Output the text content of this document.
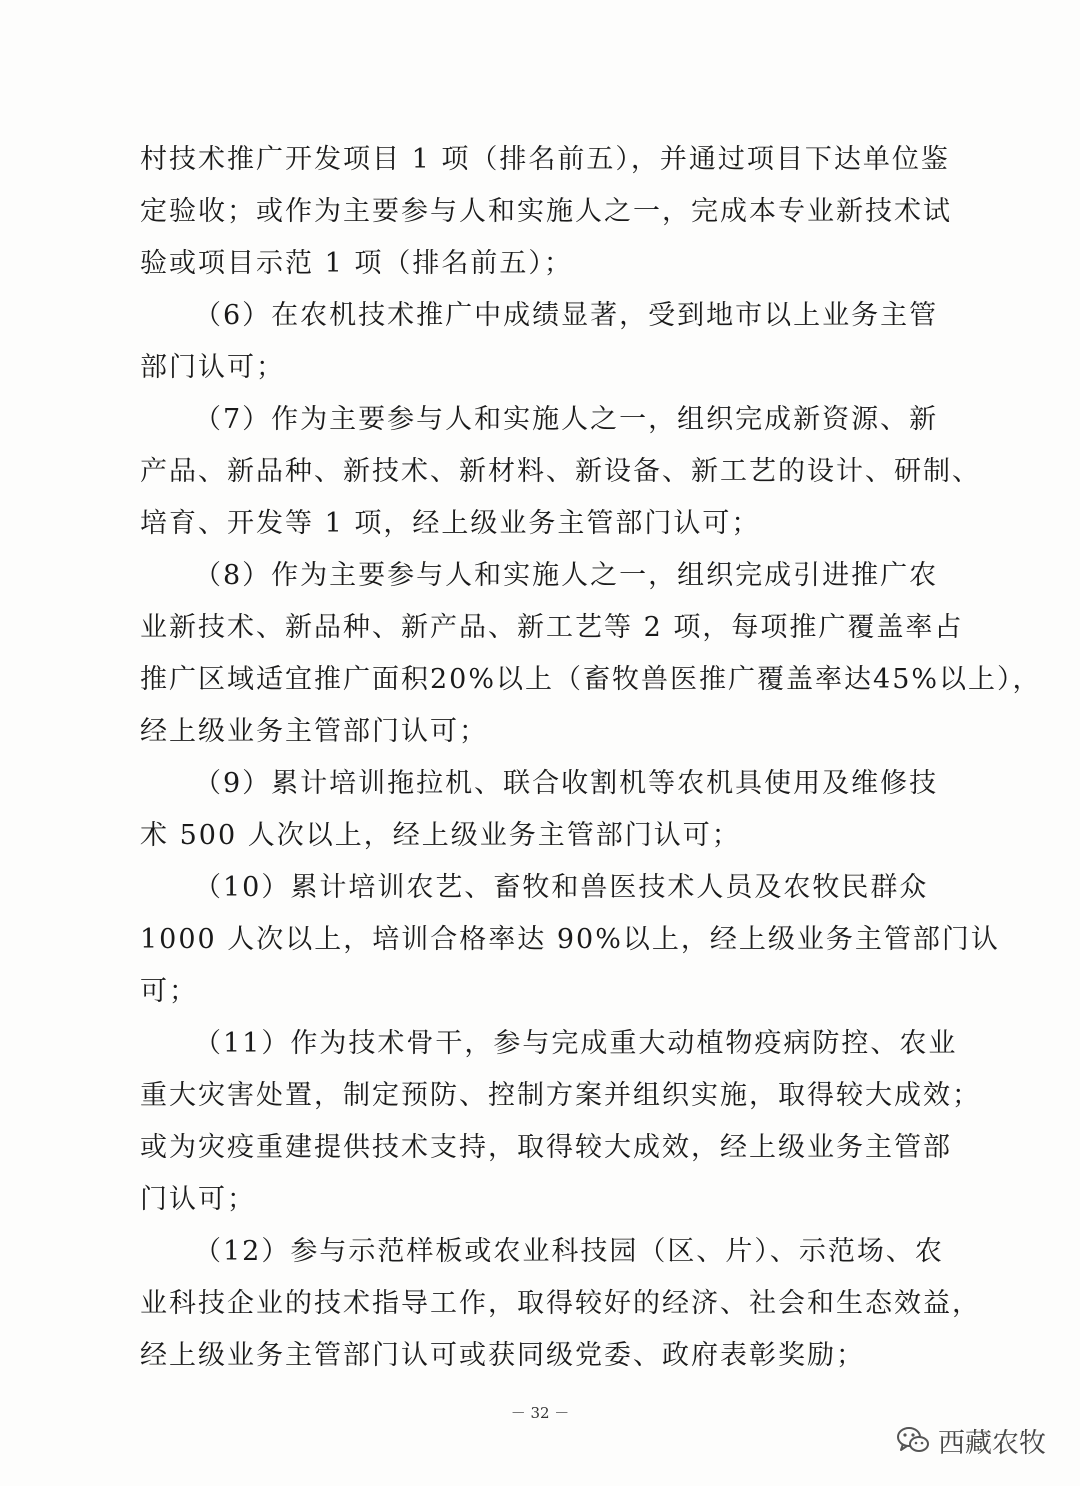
村技术推广开发项目 1 项（排名前五），并通过项目下达单位鉴
定验收；或作为主要参与人和实施人之一，完成本专业新技术试
验或项目示范 1 项（排名前五）；
（6）在农机技术推广中成绩显著，受到地市以上业务主管
部门认可；
（7）作为主要参与人和实施人之一，组织完成新资源、新
产品、新品种、新技术、新材料、新设备、新工艺的设计、研制、
培育、开发等 1 项，经上级业务主管部门认可；
（8）作为主要参与人和实施人之一，组织完成引进推广农
业新技术、新品种、新产品、新工艺等 2 项，每项推广覆盖率占
推广区域适宜推广面积20%以上（畜牧兽医推广覆盖率达45%以上），
经上级业务主管部门认可；
（9）累计培训拖拉机、联合收割机等农机具使用及维修技
术 500 人次以上，经上级业务主管部门认可；
（10）累计培训农艺、畜牧和兽医技术人员及农牧民群众
1000 人次以上，培训合格率达 90%以上，经上级业务主管部门认
可；
（11）作为技术骨干，参与完成重大动植物疫病防控、农业
重大灾害处置，制定预防、控制方案并组织实施，取得较大成效；
或为灾疫重建提供技术支持，取得较大成效，经上级业务主管部
门认可；
（12）参与示范样板或农业科技园（区、片）、示范场、农
业科技企业的技术指导工作，取得较好的经济、社会和生态效益，
经上级业务主管部门认可或获同级党委、政府表彰奖励；
－ 32 －
西藏农牧
